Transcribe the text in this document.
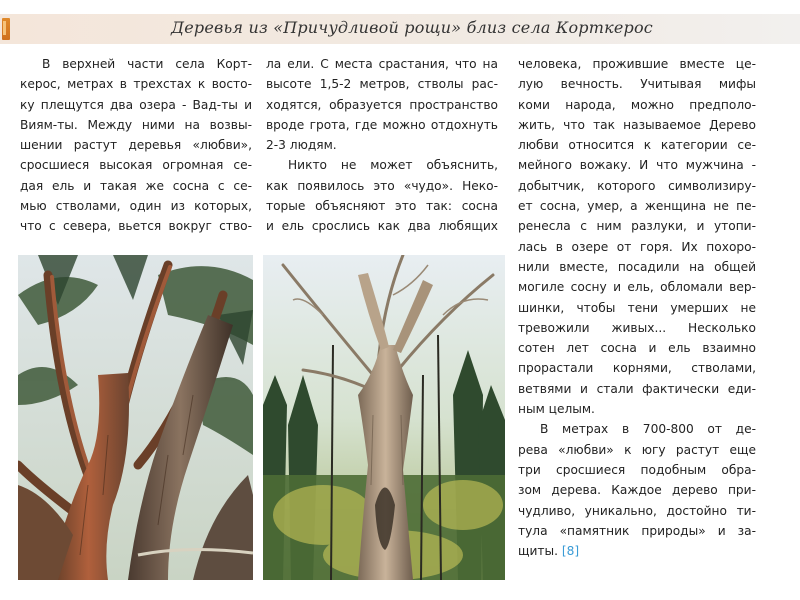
Деревья из «Причудливой рощи» близ села Корткерос
В верхней части села Корт-
керос, метрах в трехстах к восто-
ку плещутся два озера - Вад-ты и
Виям-ты. Между ними на возвы-
шении растут деревья «любви»,
сросшиеся высокая огромная се-
дая ель и такая же сосна с се-
мью стволами, один из которых,
что с севера, вьется вокруг ство-
ла ели. С места срастания, что на
высоте 1,5-2 метров, стволы рас-
ходятся, образуется пространство
вроде грота, где можно отдохнуть
2-3 людям.
Никто не может объяснить,
как появилось это «чудо». Неко-
торые объясняют это так: сосна
и ель срослись как два любящих
человека, прожившие вместе це-
лую вечность. Учитывая мифы
коми народа, можно предполо-
жить, что так называемое Дерево
любви относится к категории се-
мейного вожаку. И что мужчина -
добытчик, которого символизиру-
ет сосна, умер, а женщина не пе-
ренесла с ним разлуки, и утопи-
лась в озере от горя. Их похоро-
нили вместе, посадили на общей
могиле сосну и ель, обломали вер-
шинки, чтобы тени умерших не
тревожили живых... Несколько
сотен лет сосна и ель взаимно
прорастали корнями, стволами,
ветвями и стали фактически еди-
ным целым.
В метрах в 700-800 от де-
рева «любви» к югу растут еще
три сросшиеся подобным обра-
зом дерева. Каждое дерево при-
чудливо, уникально, достойно ти-
тула «памятник природы» и за-
щиты. [8]
